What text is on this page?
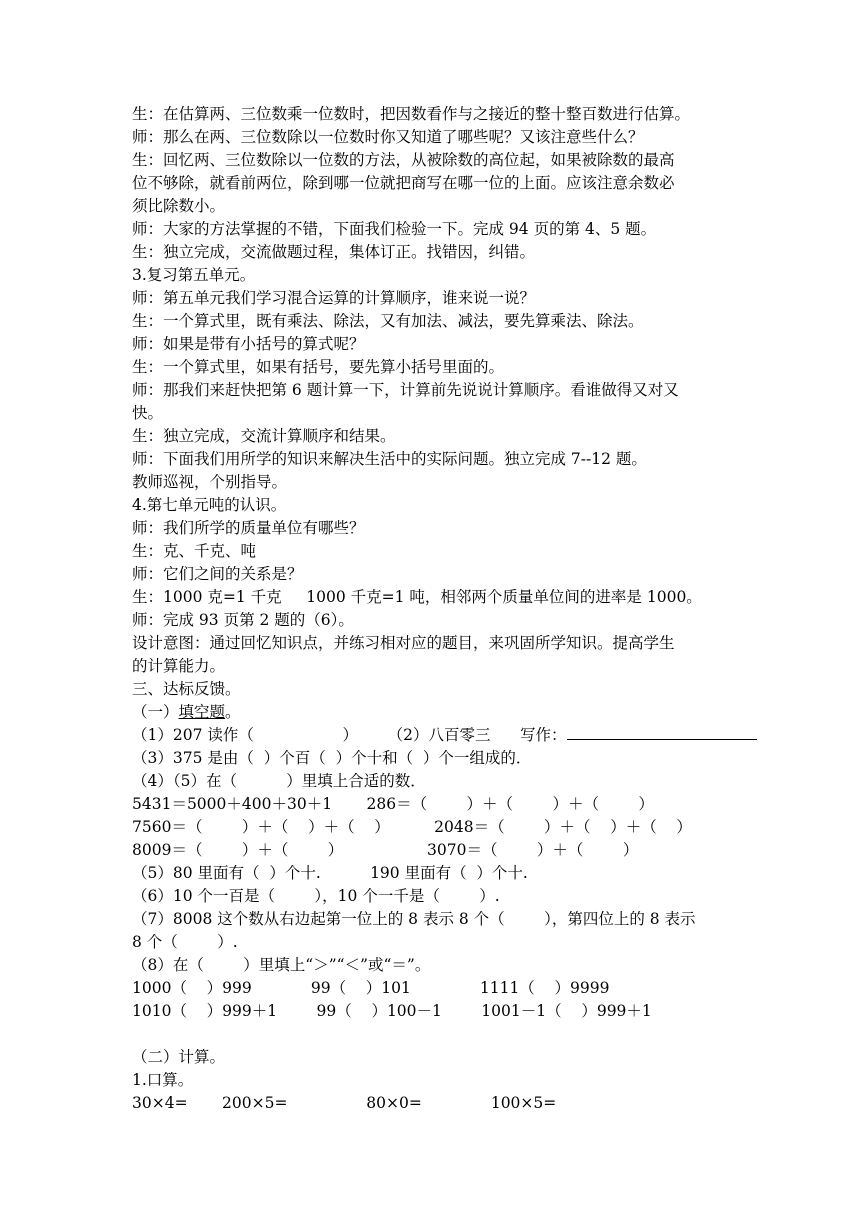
生：在估算两、三位数乘一位数时，把因数看作与之接近的整十整百数进行估算。
师：那么在两、三位数除以一位数时你又知道了哪些呢？又该注意些什么？
生：回忆两、三位数除以一位数的方法，从被除数的高位起，如果被除数的最高
位不够除，就看前两位，除到哪一位就把商写在哪一位的上面。应该注意余数必
须比除数小。
师：大家的方法掌握的不错，下面我们检验一下。完成 94 页的第 4、5 题。
生：独立完成，交流做题过程，集体订正。找错因，纠错。
3.复习第五单元。
师：第五单元我们学习混合运算的计算顺序，谁来说一说？
生：一个算式里，既有乘法、除法，又有加法、减法，要先算乘法、除法。
师：如果是带有小括号的算式呢？
生：一个算式里，如果有括号，要先算小括号里面的。
师：那我们来赶快把第 6 题计算一下，计算前先说说计算顺序。看谁做得又对又
快。
生：独立完成，交流计算顺序和结果。
师：下面我们用所学的知识来解决生活中的实际问题。独立完成 7--12 题。
教师巡视，个别指导。
4.第七单元吨的认识。
师：我们所学的质量单位有哪些？
生：克、千克、吨
师：它们之间的关系是？
生：1000 克=1 千克     1000 千克=1 吨，相邻两个质量单位间的进率是 1000。
师：完成 93 页第 2 题的（6）。
设计意图：通过回忆知识点，并练习相对应的题目，来巩固所学知识。提高学生
的计算能力。
三、达标反馈。
（一）填空题。
（1）207 读作（                  ）      （2）八百零三      写作：
（3）375 是由（  ）个百（  ）个十和（  ）个一组成的．
（4）（5）在（          ）里填上合适的数．
5431＝5000＋400＋30＋1       286＝（        ）＋（        ）＋（        ）
7560＝（        ）＋（    ）＋（    ）         2048＝（        ）＋（    ）＋（    ）
8009＝（        ）＋（        ）                 3070＝（        ）＋（        ）
（5）80 里面有（  ）个十.          190 里面有（  ）个十.
（6）10 个一百是（        ），10 个一千是（        ）.
（7）8008 这个数从右边起第一位上的 8 表示 8 个（        ），第四位上的 8 表示
8 个（        ）.
（8）在（        ）里填上“＞”“＜”或“＝”。
1000（    ）999            99（    ）101              1111（    ）9999
1010（    ）999＋1        99（    ）100－1        1001－1（    ）999＋1
（二）计算。
1.口算。
30×4=       200×5=                80×0=              100×5=
